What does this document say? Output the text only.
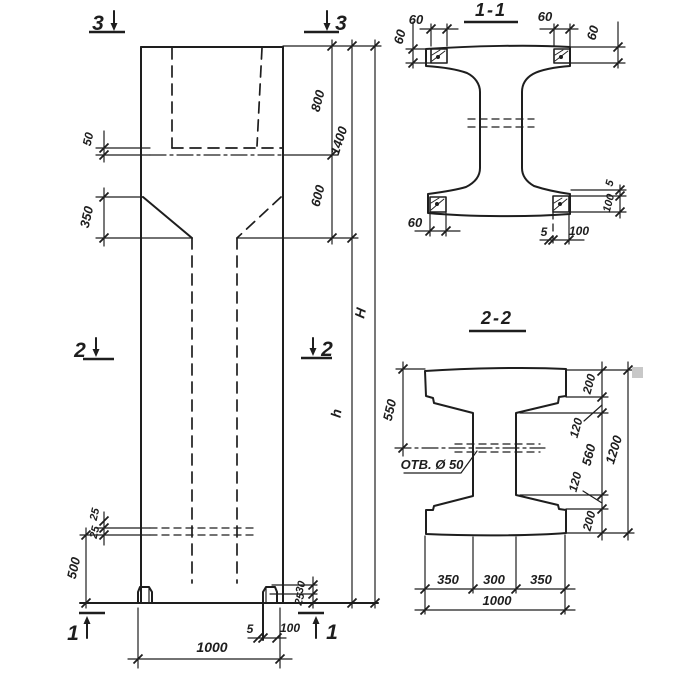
50
350
25
25
500
800
600
1400
h
H
30
25
5 100
1000
3	3
2	2
1	1
1-1
60	60
60	60
60
5 100
5
100
2-2
ОТВ. Ø 50
550
200
120
560
120
200
1200
350 300 350
1000
